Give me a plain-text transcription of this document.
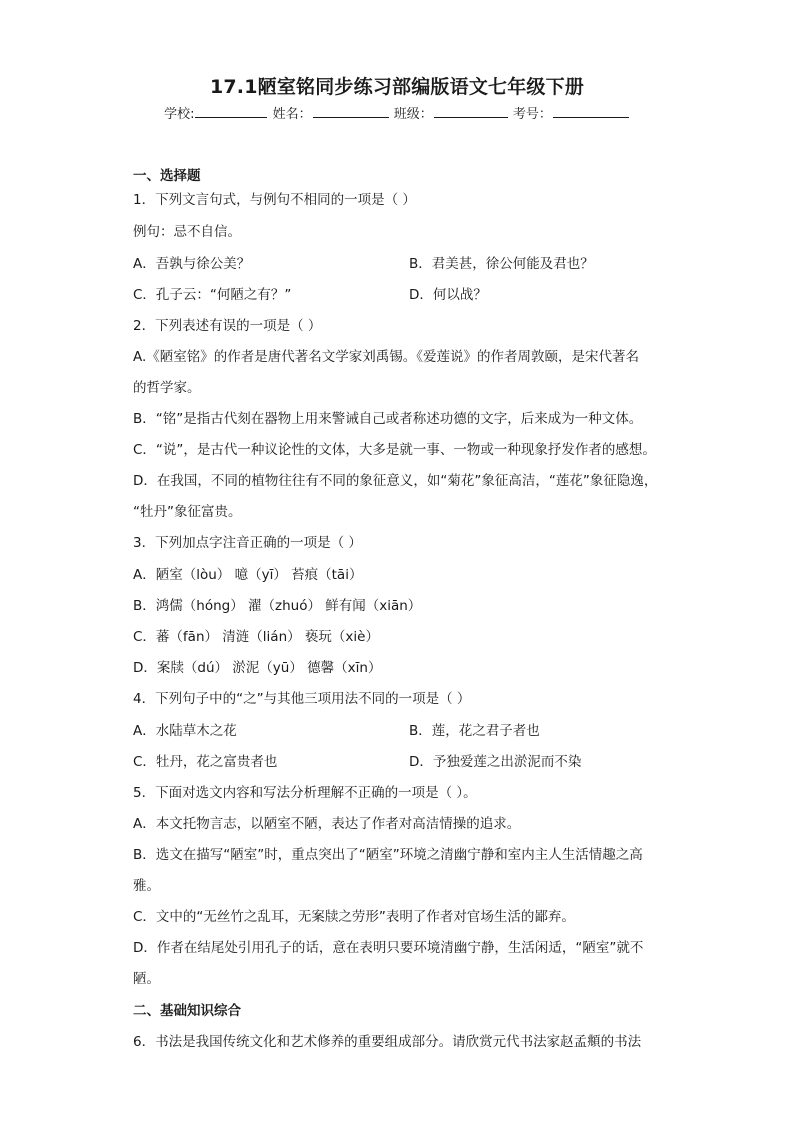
17.1陋室铭同步练习部编版语文七年级下册
学校:	姓名：	班级：	考号：
一、选择题
1．下列文言句式，与例句不相同的一项是（ ）
例句：忌不自信。
A．吾孰与徐公美？	B．君美甚，徐公何能及君也？
C．孔子云：“何陋之有？”	D．何以战？
2．下列表述有误的一项是（ ）
A.《陋室铭》的作者是唐代著名文学家刘禹锡。《爱莲说》的作者周敦颐，是宋代著名
的哲学家。
B．“铭”是指古代刻在器物上用来警诫自己或者称述功德的文字，后来成为一种文体。
C．“说”，是古代一种议论性的文体，大多是就一事、一物或一种现象抒发作者的感想。
D．在我国，不同的植物往往有不同的象征意义，如“菊花”象征高洁，“莲花”象征隐逸，
“牡丹”象征富贵。
3．下列加点字注音正确的一项是（ ）
A．陋室（lòu） 噫（yī） 苔痕（tāi）
B．鸿儒（hóng） 濯（zhuó） 鲜有闻（xiān）
C．蕃（fān） 清涟（lián） 亵玩（xiè）
D．案牍（dú） 淤泥（yū） 德馨（xīn）
4．下列句子中的“之”与其他三项用法不同的一项是（ ）
A．水陆草木之花	B．莲，花之君子者也
C．牡丹，花之富贵者也	D．予独爱莲之出淤泥而不染
5．下面对选文内容和写法分析理解不正确的一项是（ ）。
A．本文托物言志，以陋室不陋，表达了作者对高洁情操的追求。
B．选文在描写“陋室”时，重点突出了“陋室”环境之清幽宁静和室内主人生活情趣之高
雅。
C．文中的“无丝竹之乱耳，无案牍之劳形”表明了作者对官场生活的鄙弃。
D．作者在结尾处引用孔子的话，意在表明只要环境清幽宁静，生活闲适，“陋室”就不
陋。
二、基础知识综合
6．书法是我国传统文化和艺术修养的重要组成部分。请欣赏元代书法家赵孟頫的书法
